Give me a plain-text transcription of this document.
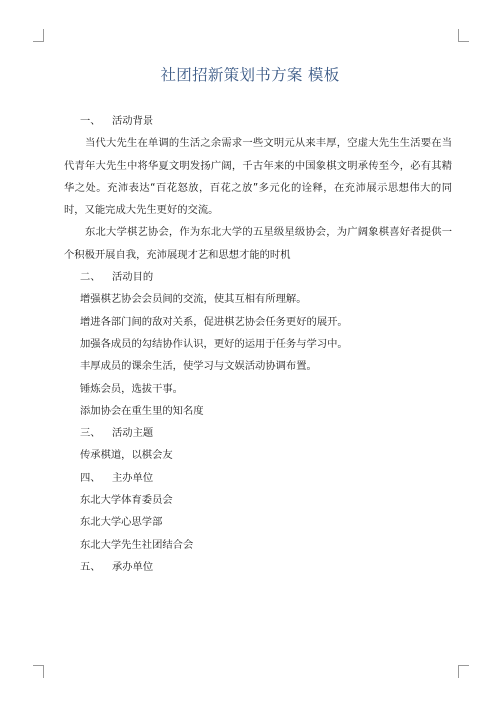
社团招新策划书方案 模板

一、 活动背景

当代大先生在单调的生活之余需求一些文明元从来丰厚，空虚大先生生活要在当代青年大先生中将华夏文明发扬广阔，千古年来的中国象棋文明承传至今，必有其精华之处。充沛表达“百花怒放，百花之放”多元化的诠释，在充沛展示思想伟大的同时，又能完成大先生更好的交流。

东北大学棋艺协会，作为东北大学的五星级星级协会，为广阔象棋喜好者提供一个积极开展自我，充沛展现才艺和思想才能的时机

二、 活动目的

增强棋艺协会会员间的交流，使其互相有所理解。

增进各部门间的敌对关系，促进棋艺协会任务更好的展开。

加强各成员的勾结协作认识，更好的运用于任务与学习中。

丰厚成员的课余生活，使学习与文娱活动协调布置。

锤炼会员，选拔干事。

添加协会在重生里的知名度

三、 活动主题

传承棋道，以棋会友

四、 主办单位

东北大学体育委员会

东北大学心思学部

东北大学先生社团结合会

五、 承办单位
